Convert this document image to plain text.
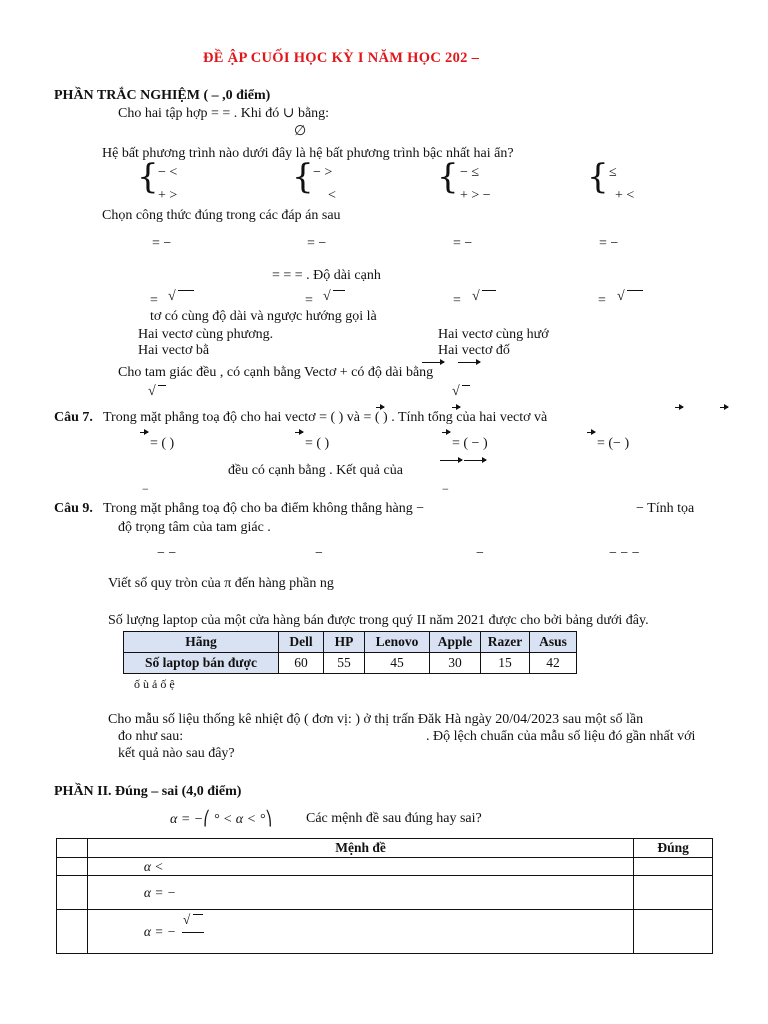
ĐỀ ẬP CUỐI HỌC KỲ I NĂM HỌC 202 –
PHẦN TRẮC NGHIỆM ( – ,0 điểm)
Cho hai tập hợp = = . Khi đó ∪ bằng:
∅
Hệ bất phương trình nào dưới đây là hệ bất phương trình bậc nhất hai ẩn?
{ − <
+ >	{ − >
<	{ − ≤
+ > −	{ ≤
+ <
Chọn công thức đúng trong các đáp án sau
= −	= −	= −	= −
= = = . Độ dài cạnh
= √	= √	= √	= √
tơ có cùng độ dài và ngược hướng gọi là
Hai vectơ cùng phương.	Hai vectơ cùng hướ
Hai vectơ bằ	Hai vectơ đố
Cho tam giác đều , có cạnh bằng Vectơ + có độ dài bằng
√	√
Câu 7. Trong mặt phẳng toạ độ cho hai vectơ = ( ) và = ( ) . Tính tổng của hai vectơ và
= ( )	= ( )	= ( − )	= (− )
đều có cạnh bằng . Kết quả của
−	−
Câu 9. Trong mặt phẳng toạ độ cho ba điểm không thẳng hàng −	− Tính tọa
độ trọng tâm của tam giác .
− −	−	−	− − −
Viết số quy tròn của π đến hàng phần ng
Số lượng laptop của một cửa hàng bán được trong quý II năm 2021 được cho bởi bảng dưới đây.
Hãng	Dell	HP	Lenovo	Apple	Razer	Asus
Số laptop bán được	60	55	45	30	15	42
ố ù ả ố ệ
Cho mẫu số liệu thống kê nhiệt độ ( đơn vị: ) ở thị trấn Đăk Hà ngày 20/04/2023 sau một số lần
đo như sau:	. Độ lệch chuẩn của mẫu số liệu đó gần nhất với
kết quả nào sau đây?
PHẦN II. Đúng – sai (4,0 điểm)
α = −⎛ ° < α < °⎞ Các mệnh đề sau đúng hay sai?
	Mệnh đề	Đúng
	α <	
	α = −	
	α = −
√	
